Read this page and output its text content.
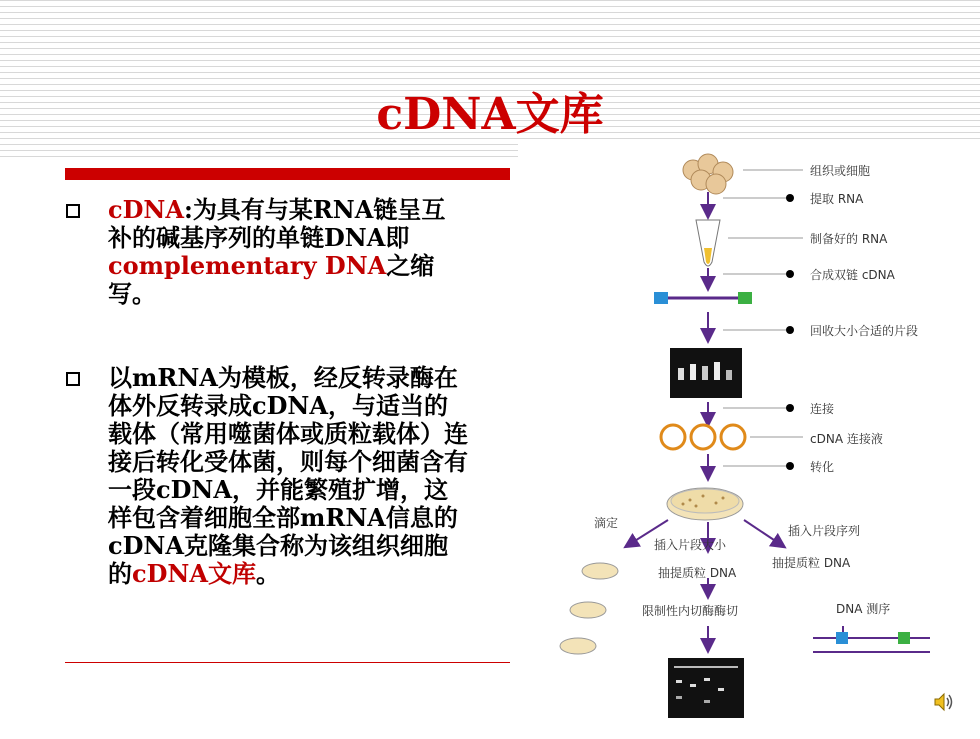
cDNA文库
cDNA:为具有与某RNA链呈互补的碱基序列的单链DNA即complementary DNA之缩写。
以mRNA为模板，经反转录酶在体外反转录成cDNA，与适当的载体（常用噬菌体或质粒载体）连接后转化受体菌，则每个细菌含有一段cDNA，并能繁殖扩增，这样包含着细胞全部mRNA信息的cDNA克隆集合称为该组织细胞的cDNA文库。
组织或细胞
提取 RNA
制备好的 RNA
合成双链 cDNA
回收大小合适的片段
连接
cDNA 连接液
转化
滴定
插入片段序列
插入片段大小
抽提质粒 DNA
抽提质粒 DNA
限制性内切酶酶切	DNA 测序
